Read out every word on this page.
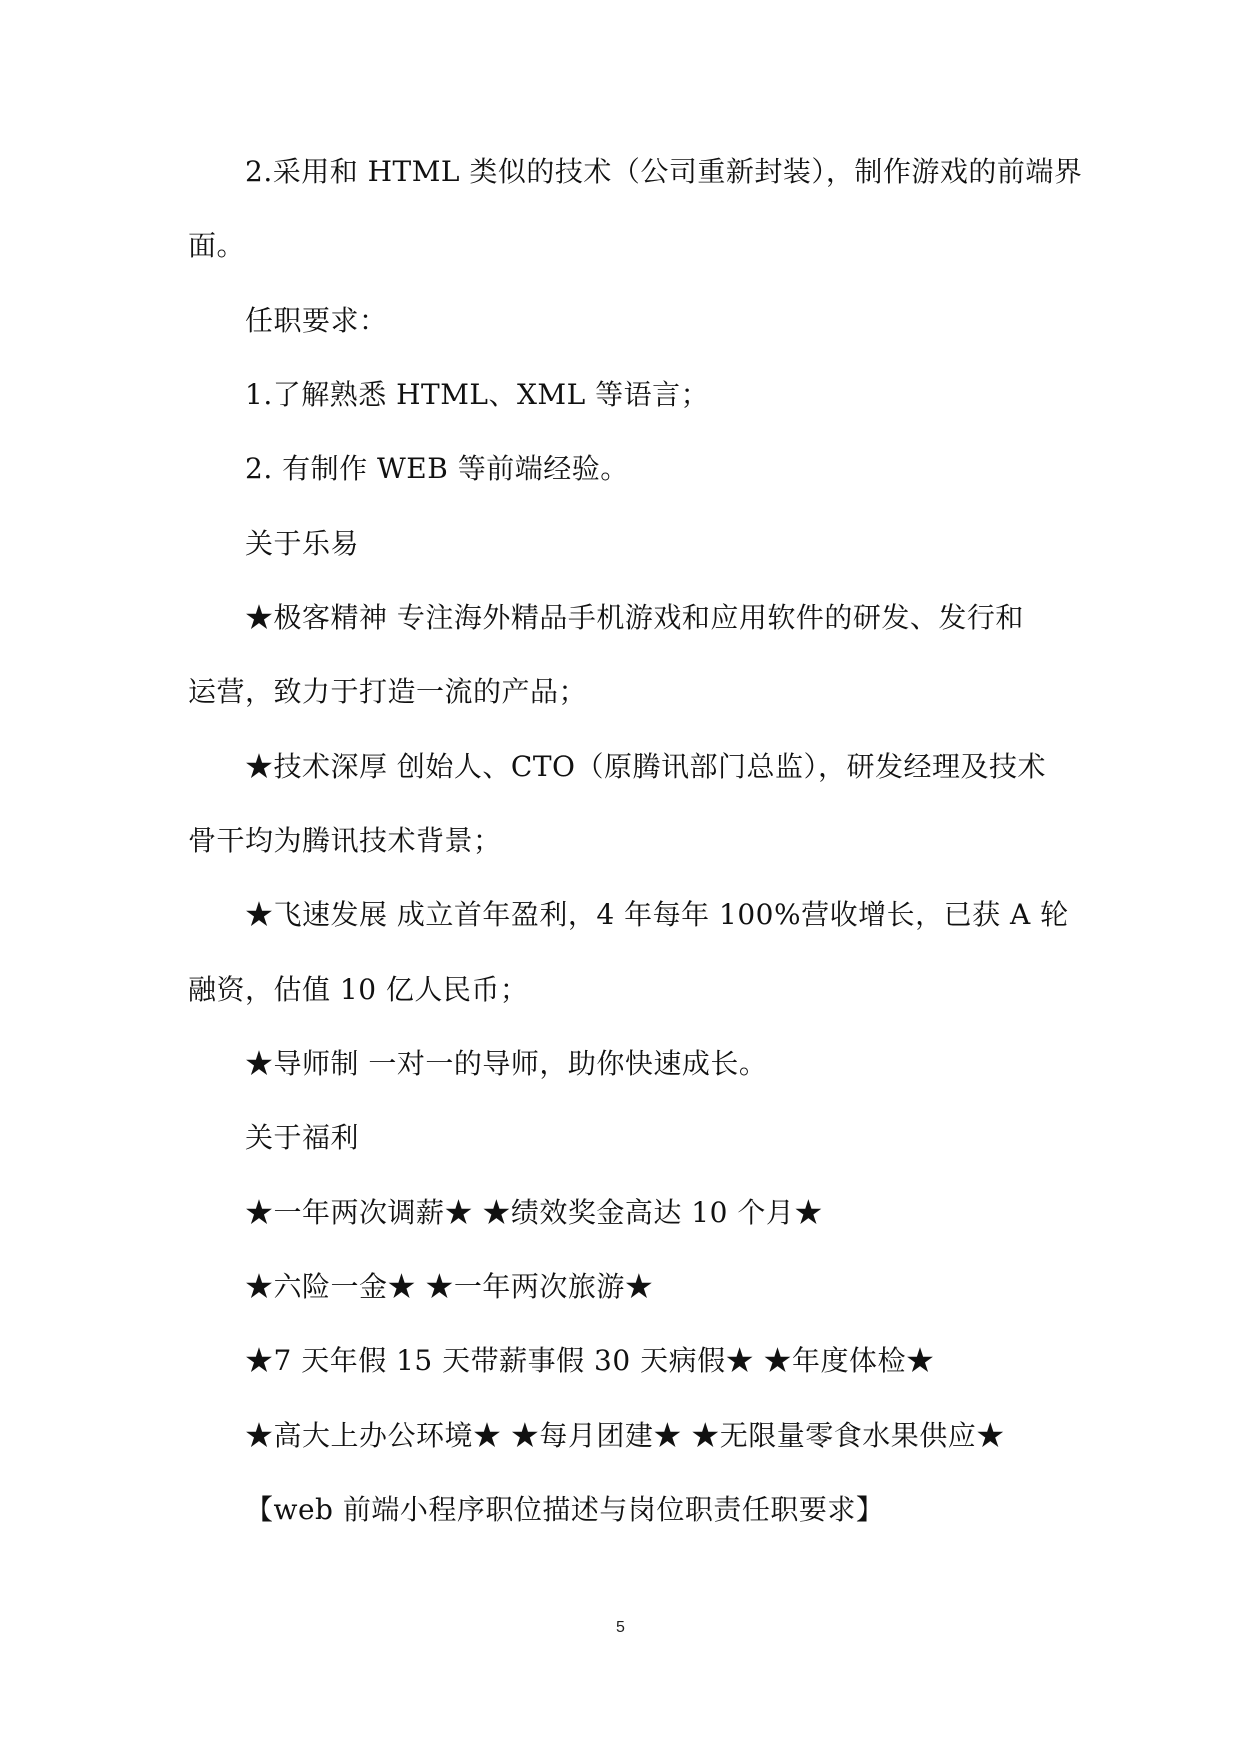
2.采用和 HTML 类似的技术（公司重新封装），制作游戏的前端界
面。
任职要求：
1.了解熟悉 HTML、XML 等语言；
2. 有制作 WEB 等前端经验。
关于乐易
★极客精神 专注海外精品手机游戏和应用软件的研发、发行和
运营，致力于打造一流的产品；
★技术深厚 创始人、CTO（原腾讯部门总监），研发经理及技术
骨干均为腾讯技术背景；
★飞速发展 成立首年盈利，4 年每年 100%营收增长，已获 A 轮
融资，估值 10 亿人民币；
★导师制 一对一的导师，助你快速成长。
关于福利
★一年两次调薪★ ★绩效奖金高达 10 个月★
★六险一金★ ★一年两次旅游★
★7 天年假 15 天带薪事假 30 天病假★ ★年度体检★
★高大上办公环境★ ★每月团建★ ★无限量零食水果供应★
【web 前端小程序职位描述与岗位职责任职要求】
5
